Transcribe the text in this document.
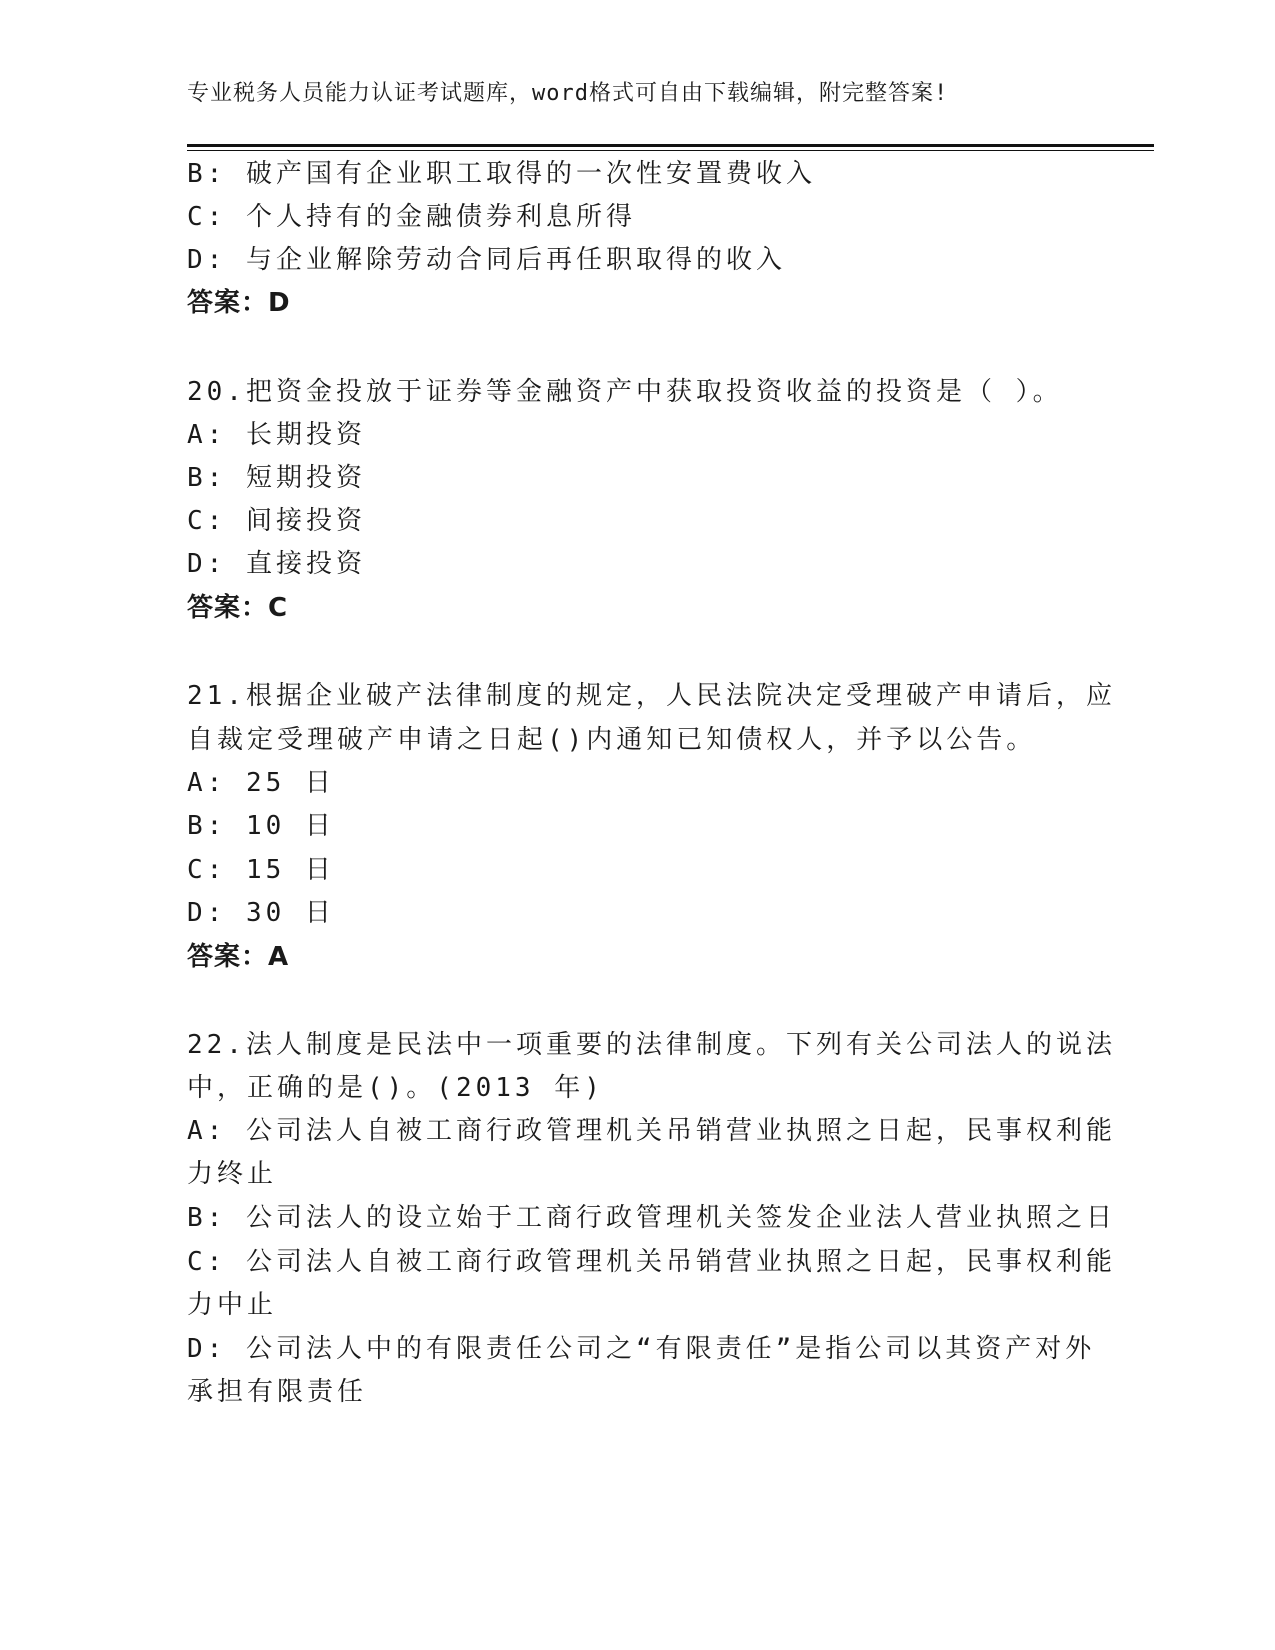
专业税务人员能力认证考试题库，word格式可自由下载编辑，附完整答案!
B: 破产国有企业职工取得的一次性安置费收入
C: 个人持有的金融债券利息所得
D: 与企业解除劳动合同后再任职取得的收入
答案：D
20.把资金投放于证券等金融资产中获取投资收益的投资是（ ）。
A: 长期投资
B: 短期投资
C: 间接投资
D: 直接投资
答案：C
21.根据企业破产法律制度的规定，人民法院决定受理破产申请后，应
自裁定受理破产申请之日起()内通知已知债权人，并予以公告。
A: 25 日
B: 10 日
C: 15 日
D: 30 日
答案：A
22.法人制度是民法中一项重要的法律制度。下列有关公司法人的说法
中，正确的是()。(2013 年)
A: 公司法人自被工商行政管理机关吊销营业执照之日起，民事权利能
力终止
B: 公司法人的设立始于工商行政管理机关签发企业法人营业执照之日
C: 公司法人自被工商行政管理机关吊销营业执照之日起，民事权利能
力中止
D: 公司法人中的有限责任公司之“有限责任”是指公司以其资产对外
承担有限责任
